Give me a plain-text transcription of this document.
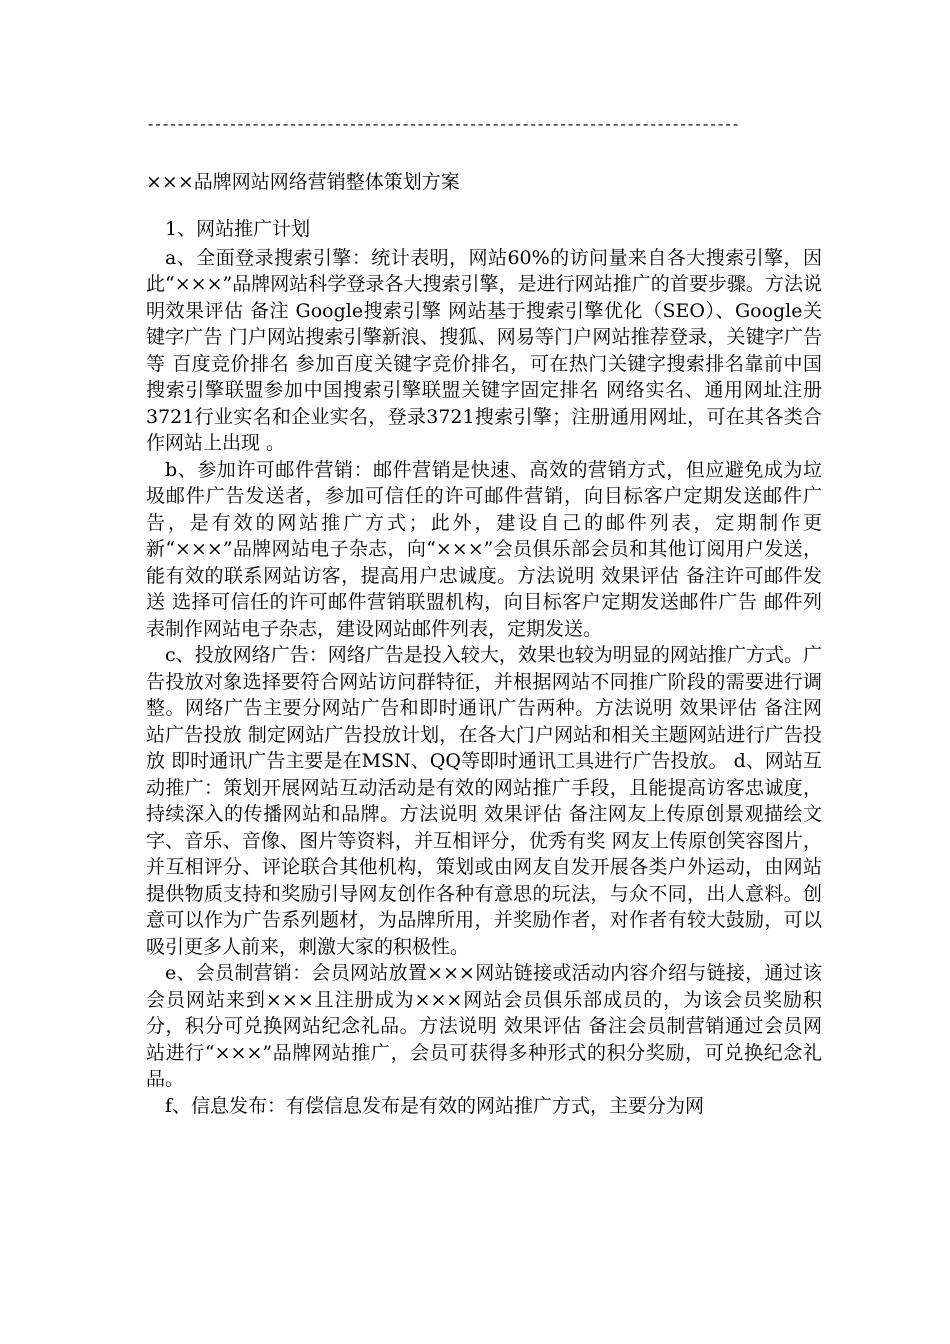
-------------------------------------------------------------------------------
×××品牌网站网络营销整体策划方案

1、网站推广计划

a、全面登录搜索引擎：统计表明，网站60%的访问量来自各大搜索引擎，因此“×××”品牌网站科学登录各大搜索引擎，是进行网站推广的首要步骤。方法说明效果评估 备注 Google搜索引擎 网站基于搜索引擎优化（SEO）、Google关键字广告 门户网站搜索引擎新浪、搜狐、网易等门户网站推荐登录，关键字广告等 百度竞价排名 参加百度关键字竞价排名，可在热门关键字搜索排名靠前中国搜索引擎联盟参加中国搜索引擎联盟关键字固定排名 网络实名、通用网址注册3721行业实名和企业实名，登录3721搜索引擎；注册通用网址，可在其各类合作网站上出现 。

b、参加许可邮件营销：邮件营销是快速、高效的营销方式，但应避免成为垃圾邮件广告发送者，参加可信任的许可邮件营销，向目标客户定期发送邮件广告，是有效的网站推广方式；此外，建设自己的邮件列表，定期制作更新“×××”品牌网站电子杂志，向“×××”会员俱乐部会员和其他订阅用户发送，能有效的联系网站访客，提高用户忠诚度。方法说明 效果评估 备注许可邮件发送 选择可信任的许可邮件营销联盟机构，向目标客户定期发送邮件广告 邮件列表制作网站电子杂志，建设网站邮件列表，定期发送。

c、投放网络广告：网络广告是投入较大，效果也较为明显的网站推广方式。广告投放对象选择要符合网站访问群特征，并根据网站不同推广阶段的需要进行调整。网络广告主要分网站广告和即时通讯广告两种。方法说明 效果评估 备注网站广告投放 制定网站广告投放计划，在各大门户网站和相关主题网站进行广告投放 即时通讯广告主要是在MSN、QQ等即时通讯工具进行广告投放。 d、网站互动推广：策划开展网站互动活动是有效的网站推广手段，且能提高访客忠诚度，持续深入的传播网站和品牌。方法说明 效果评估 备注网友上传原创景观描绘文字、音乐、音像、图片等资料，并互相评分，优秀有奖 网友上传原创笑容图片，并互相评分、评论联合其他机构，策划或由网友自发开展各类户外运动，由网站提供物质支持和奖励引导网友创作各种有意思的玩法，与众不同，出人意料。创意可以作为广告系列题材，为品牌所用，并奖励作者，对作者有较大鼓励，可以吸引更多人前来，刺激大家的积极性。

e、会员制营销：会员网站放置×××网站链接或活动内容介绍与链接，通过该会员网站来到×××且注册成为×××网站会员俱乐部成员的，为该会员奖励积分，积分可兑换网站纪念礼品。方法说明 效果评估 备注会员制营销通过会员网站进行“×××”品牌网站推广，会员可获得多种形式的积分奖励，可兑换纪念礼品。

f、信息发布：有偿信息发布是有效的网站推广方式，主要分为网
